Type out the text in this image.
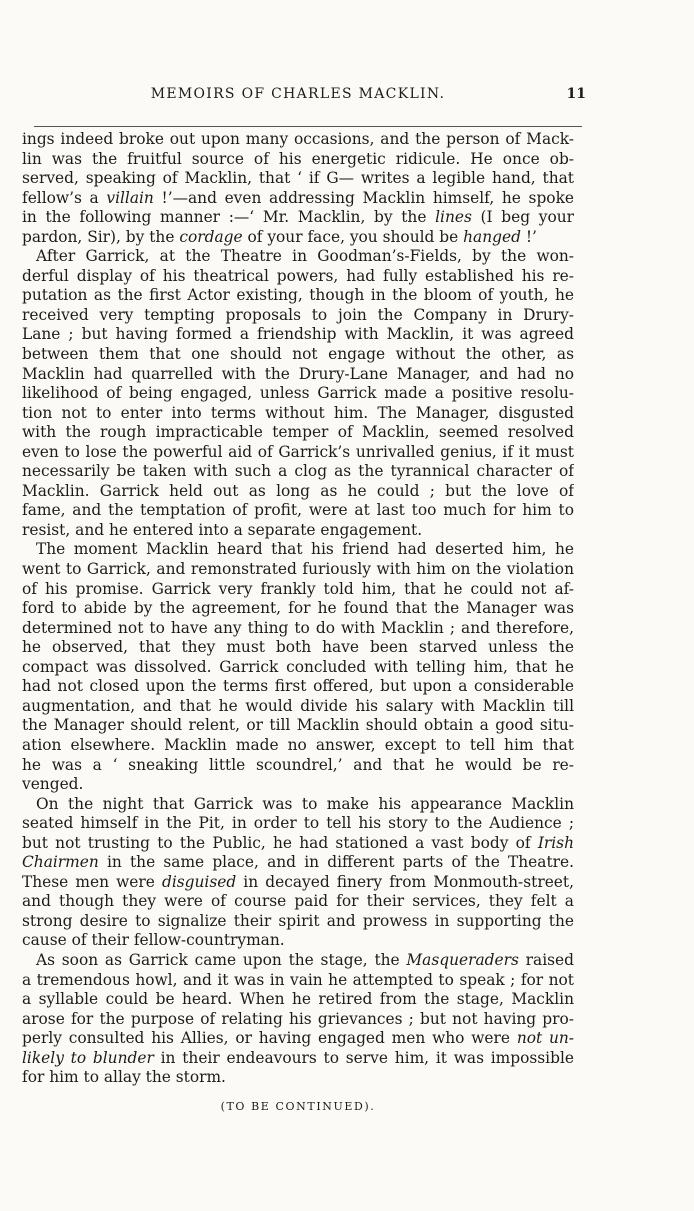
MEMOIRS OF CHARLES MACKLIN.	11
ings indeed broke out upon many occasions, and the person of Mack-
lin was the fruitful source of his energetic ridicule. He once ob-
served, speaking of Macklin, that ‘ if G— writes a legible hand, that
fellow’s a villain !’—and even addressing Macklin himself, he spoke
in the following manner :—‘ Mr. Macklin, by the lines (I beg your
pardon, Sir), by the cordage of your face, you should be hanged !’
After Garrick, at the Theatre in Goodman’s-Fields, by the won-
derful display of his theatrical powers, had fully established his re-
putation as the first Actor existing, though in the bloom of youth, he
received very tempting proposals to join the Company in Drury-
Lane ; but having formed a friendship with Macklin, it was agreed
between them that one should not engage without the other, as
Macklin had quarrelled with the Drury-Lane Manager, and had no
likelihood of being engaged, unless Garrick made a positive resolu-
tion not to enter into terms without him. The Manager, disgusted
with the rough impracticable temper of Macklin, seemed resolved
even to lose the powerful aid of Garrick’s unrivalled genius, if it must
necessarily be taken with such a clog as the tyrannical character of
Macklin. Garrick held out as long as he could ; but the love of
fame, and the temptation of profit, were at last too much for him to
resist, and he entered into a separate engagement.
The moment Macklin heard that his friend had deserted him, he
went to Garrick, and remonstrated furiously with him on the violation
of his promise. Garrick very frankly told him, that he could not af-
ford to abide by the agreement, for he found that the Manager was
determined not to have any thing to do with Macklin ; and therefore,
he observed, that they must both have been starved unless the
compact was dissolved. Garrick concluded with telling him, that he
had not closed upon the terms first offered, but upon a considerable
augmentation, and that he would divide his salary with Macklin till
the Manager should relent, or till Macklin should obtain a good situ-
ation elsewhere. Macklin made no answer, except to tell him that
he was a ‘ sneaking little scoundrel,’ and that he would be re-
venged.
On the night that Garrick was to make his appearance Macklin
seated himself in the Pit, in order to tell his story to the Audience ;
but not trusting to the Public, he had stationed a vast body of Irish
Chairmen in the same place, and in different parts of the Theatre.
These men were disguised in decayed finery from Monmouth-street,
and though they were of course paid for their services, they felt a
strong desire to signalize their spirit and prowess in supporting the
cause of their fellow-countryman.
As soon as Garrick came upon the stage, the Masqueraders raised
a tremendous howl, and it was in vain he attempted to speak ; for not
a syllable could be heard. When he retired from the stage, Macklin
arose for the purpose of relating his grievances ; but not having pro-
perly consulted his Allies, or having engaged men who were not un-
likely to blunder in their endeavours to serve him, it was impossible
for him to allay the storm.
(TO BE CONTINUED).
